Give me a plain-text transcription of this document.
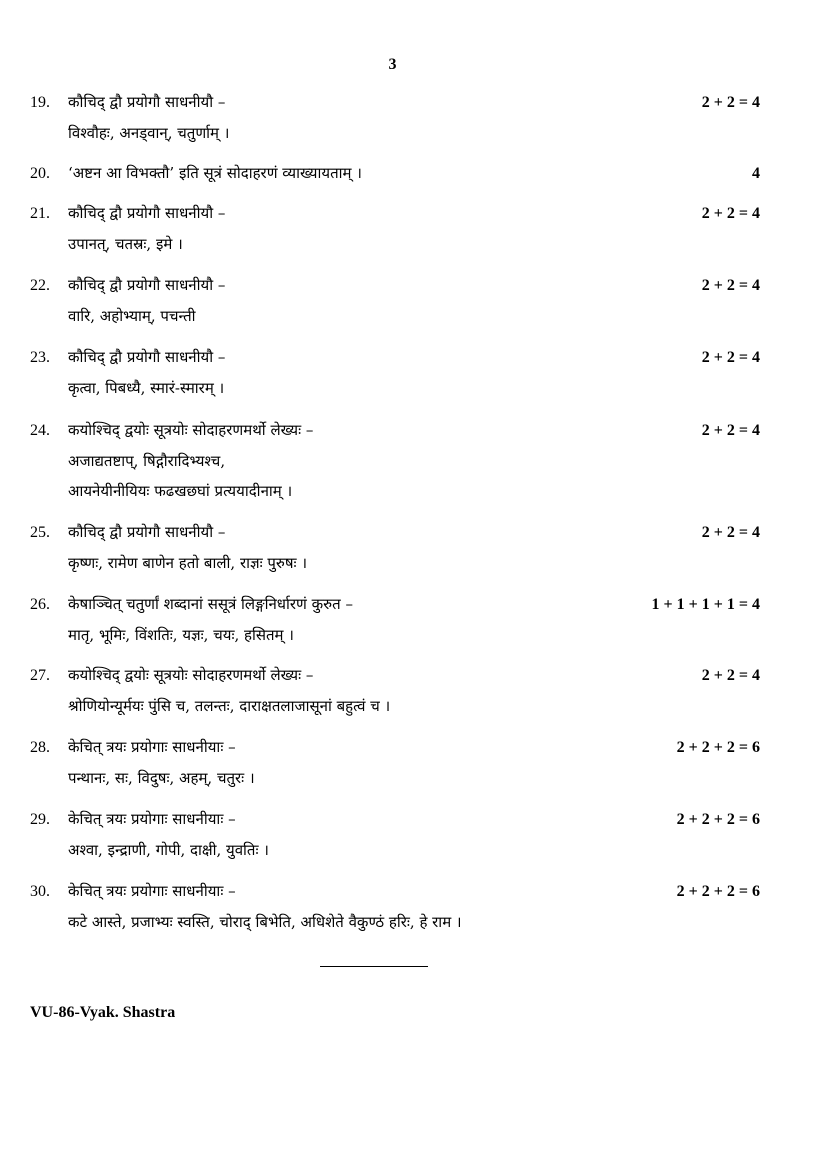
3
19.	कौचिद् द्वौ प्रयोगौ साधनीयौ –	2 + 2 = 4
विश्वौहः, अनड्वान्, चतुर्णाम् ।
20.	‘अष्टन आ विभक्तौ’ इति सूत्रं सोदाहरणं व्याख्यायताम् ।	4
21.	कौचिद् द्वौ प्रयोगौ साधनीयौ –	2 + 2 = 4
उपानत्, चतस्रः, इमे ।
22.	कौचिद् द्वौ प्रयोगौ साधनीयौ –	2 + 2 = 4
वारि, अहोभ्याम्, पचन्ती
23.	कौचिद् द्वौ प्रयोगौ साधनीयौ –	2 + 2 = 4
कृत्वा, पिबध्यै, स्मारं-स्मारम् ।
24.	कयोश्चिद् द्वयोः सूत्रयोः सोदाहरणमर्थो लेख्यः –	2 + 2 = 4
अजाद्यतष्टाप्, षिद्गौरादिभ्यश्च,
आयनेयीनीयियः फढखछघां प्रत्ययादीनाम् ।
25.	कौचिद् द्वौ प्रयोगौ साधनीयौ –	2 + 2 = 4
कृष्णः, रामेण बाणेन हतो बाली, राज्ञः पुरुषः ।
26.	केषाञ्चित् चतुर्णां शब्दानां ससूत्रं लिङ्गनिर्धारणं कुरुत –	1 + 1 + 1 + 1 = 4
मातृ, भूमिः, विंशतिः, यज्ञः, चयः, हसितम् ।
27.	कयोश्चिद् द्वयोः सूत्रयोः सोदाहरणमर्थो लेख्यः –	2 + 2 = 4
श्रोणियोन्यूर्मयः पुंसि च, तलन्तः, दाराक्षतलाजासूनां बहुत्वं च ।
28.	केचित् त्रयः प्रयोगाः साधनीयाः –	2 + 2 + 2 = 6
पन्थानः, सः, विदुषः, अहम्, चतुरः ।
29.	केचित् त्रयः प्रयोगाः साधनीयाः –	2 + 2 + 2 = 6
अश्वा, इन्द्राणी, गोपी, दाक्षी, युवतिः ।
30.	केचित् त्रयः प्रयोगाः साधनीयाः –	2 + 2 + 2 = 6
कटे आस्ते, प्रजाभ्यः स्वस्ति, चोराद् बिभेति, अधिशेते वैकुण्ठं हरिः, हे राम ।
VU-86-Vyak. Shastra
